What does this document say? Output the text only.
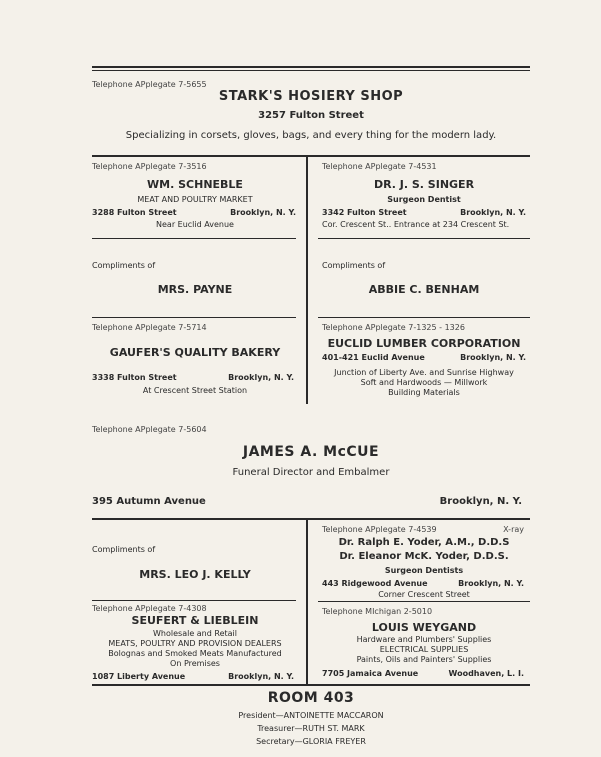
Telephone APplegate 7-5655
STARK'S HOSIERY SHOP
3257 Fulton Street
Specializing in corsets, gloves, bags, and every thing for the modern lady.
Telephone APplegate 7-3516
WM. SCHNEBLE
MEAT AND POULTRY MARKET
3288 Fulton Street	Brooklyn, N. Y.
Near Euclid Avenue
Telephone APplegate 7-4531
DR. J. S. SINGER
Surgeon Dentist
3342 Fulton Street	Brooklyn, N. Y.
Cor. Crescent St.. Entrance at 234 Crescent St.
Compliments of
MRS. PAYNE
Compliments of
ABBIE C. BENHAM
Telephone APplegate 7-5714
GAUFER'S QUALITY BAKERY
3338 Fulton Street	Brooklyn, N. Y.
At Crescent Street Station
Telephone APplegate 7-1325 - 1326
EUCLID LUMBER CORPORATION
401-421 Euclid Avenue	Brooklyn, N. Y.
Junction of Liberty Ave. and Sunrise Highway
Soft and Hardwoods — Millwork
Building Materials
Telephone APplegate 7-5604
JAMES A. McCUE
Funeral Director and Embalmer
395 Autumn Avenue	Brooklyn, N. Y.
Compliments of
MRS. LEO J. KELLY
Telephone APplegate 7-4539	X-ray
Dr. Ralph E. Yoder, A.M., D.D.S
Dr. Eleanor McK. Yoder, D.D.S.
Surgeon Dentists
443 Ridgewood Avenue	Brooklyn, N. Y.
Corner Crescent Street
Telephone APplegate 7-4308
SEUFERT & LIEBLEIN
Wholesale and Retail
MEATS, POULTRY AND PROVISION DEALERS
Bolognas and Smoked Meats Manufactured
On Premises
1087 Liberty Avenue	Brooklyn, N. Y.
Telephone MIchigan 2-5010
LOUIS WEYGAND
Hardware and Plumbers' Supplies
ELECTRICAL SUPPLIES
Paints, Oils and Painters' Supplies
7705 Jamaica Avenue	Woodhaven, L. I.
ROOM 403
President—ANTOINETTE MACCARON
Treasurer—RUTH ST. MARK
Secretary—GLORIA FREYER
